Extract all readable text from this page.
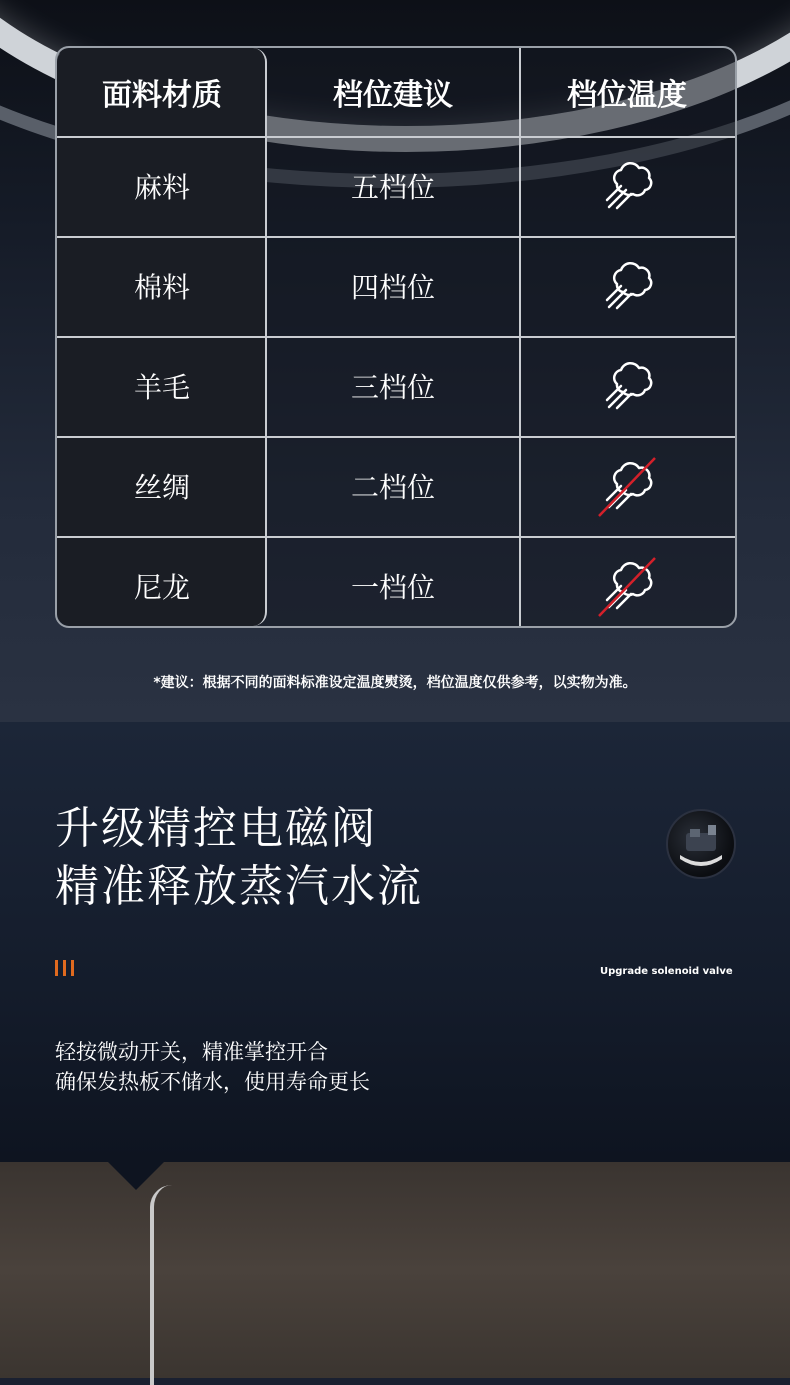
面料材质	档位建议	档位温度
麻料	五档位
棉料	四档位
羊毛	三档位
丝绸	二档位
尼龙	一档位
*建议：根据不同的面料标准设定温度熨烫，档位温度仅供参考，以实物为准。
升级精控电磁阀
精准释放蒸汽水流
Upgrade solenoid valve
轻按微动开关，精准掌控开合
确保发热板不储水，使用寿命更长
